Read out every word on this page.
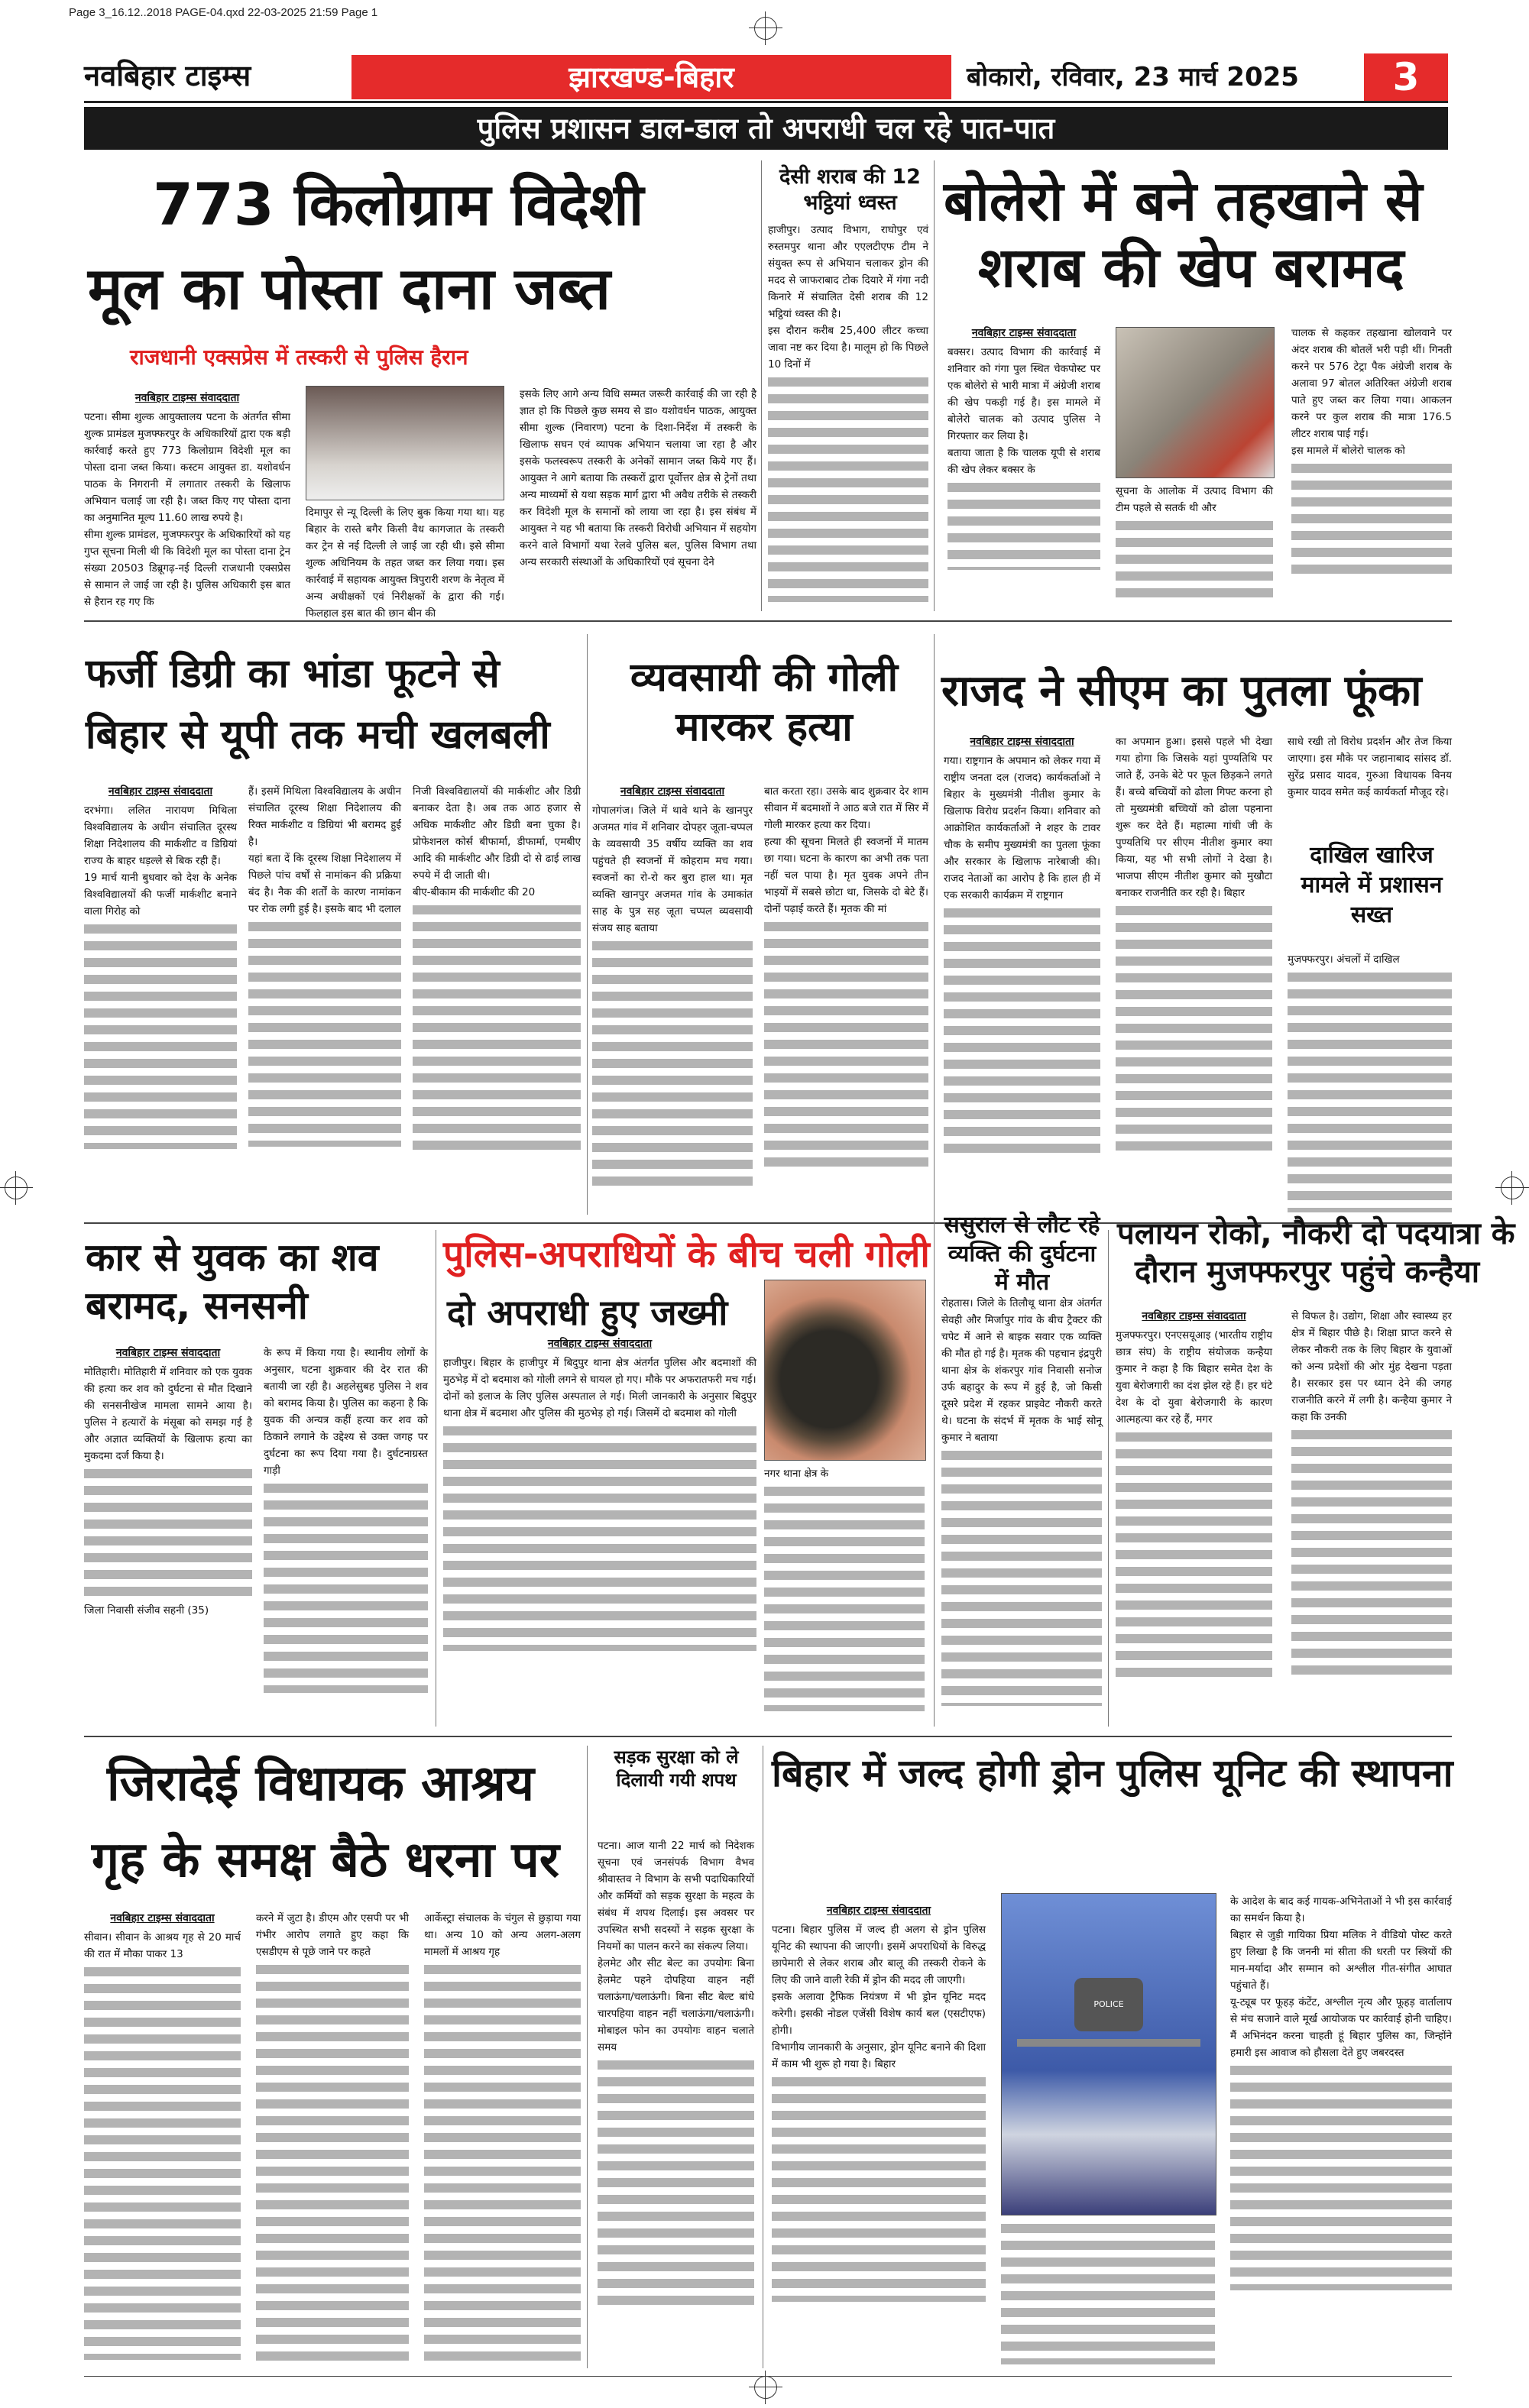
Page 3_16.12..2018 PAGE-04.qxd 22-03-2025 21:59 Page 1
नवबिहार टाइम्स	झारखण्ड-बिहार	बोकारो, रविवार, 23 मार्च 2025	3
पुलिस प्रशासन डाल-डाल तो अपराधी चल रहे पात-पात
773 किलोग्राम विदेशी
मूल का पोस्ता दाना जब्त
राजधानी एक्सप्रेस में तस्करी से पुलिस हैरान
नवबिहार टाइम्स संवाददाता

पटना। सीमा शुल्क आयुक्तालय पटना के अंतर्गत सीमा शुल्क प्रामंडल मुजफ्फरपुर के अधिकारियों द्वारा एक बड़ी कार्रवाई करते हुए 773 किलोग्राम विदेशी मूल का पोस्ता दाना जब्त किया। कस्टम आयुक्त डा. यशोवर्धन पाठक के निगरानी में लगातार तस्करी के खिलाफ अभियान चलाई जा रही है। जब्त किए गए पोस्ता दाना का अनुमानित मूल्य 11.60 लाख रुपये है।

सीमा शुल्क प्रामंडल, मुजफ्फरपुर के अधिकारियों को यह गुप्त सूचना मिली थी कि विदेशी मूल का पोस्ता दाना ट्रेन संख्या 20503 डिब्रूगढ़-नई दिल्ली राजधानी एक्सप्रेस से सामान ले जाई जा रही है। पुलिस अधिकारी इस बात से हैरान रह गए कि

दिमापुर से न्यू दिल्ली के लिए बुक किया गया था। यह बिहार के रास्ते बगैर किसी वैध कागजात के तस्करी कर ट्रेन से नई दिल्ली ले जाई जा रही थी। इसे सीमा शुल्क अधिनियम के तहत जब्त कर लिया गया। इस कार्रवाई में सहायक आयुक्त त्रिपुरारी शरण के नेतृत्व में अन्य अधीक्षकों एवं निरीक्षकों के द्वारा की गई। फिलहाल इस बात की छान बीन की

इसके लिए आगे अन्य विधि सम्मत जरूरी कार्रवाई की जा रही है ज्ञात हो कि पिछले कुछ समय से डा० यशोवर्धन पाठक, आयुक्त सीमा शुल्क (निवारण) पटना के दिशा-निर्देश में तस्करी के खिलाफ सघन एवं व्यापक अभियान चलाया जा रहा है और इसके फलस्वरूप तस्करी के अनेकों सामान जब्त किये गए हैं। आयुक्त ने आगे बताया कि तस्करों द्वारा पूर्वोत्तर क्षेत्र से ट्रेनों तथा अन्य माध्यमों से यथा सड़क मार्ग द्वारा भी अवैध तरीके से तस्करी कर विदेशी मूल के समानों को लाया जा रहा है। इस संबंध में आयुक्त ने यह भी बताया कि तस्करी विरोधी अभियान में सहयोग करने वाले विभागों यथा रेलवे पुलिस बल, पुलिस विभाग तथा अन्य सरकारी संस्थाओं के अधिकारियों एवं सूचना देने

देसी शराब की 12 भट्ठियां ध्वस्त

हाजीपुर। उत्पाद विभाग, राघोपुर एवं रुस्तमपुर थाना और एएलटीएफ टीम ने संयुक्त रूप से अभियान चलाकर ड्रोन की मदद से जाफराबाद टोक दियारे में गंगा नदी किनारे में संचालित देसी शराब की 12 भट्ठियां ध्वस्त की है।

इस दौरान करीब 25,400 लीटर कच्चा जावा नष्ट कर दिया है। मालूम हो कि पिछले 10 दिनों में

बोलेरो में बने तहखाने से
शराब की खेप बरामद
नवबिहार टाइम्स संवाददाता

बक्सर। उत्पाद विभाग की कार्रवाई में शनिवार को गंगा पुल स्थित चेकपोस्ट पर एक बोलेरो से भारी मात्रा में अंग्रेजी शराब की खेप पकड़ी गई है। इस मामले में बोलेरो चालक को उत्पाद पुलिस ने गिरफ्तार कर लिया है।

बताया जाता है कि चालक यूपी से शराब की खेप लेकर बक्सर के

सूचना के आलोक में उत्पाद विभाग की टीम पहले से सतर्क थी और

चालक से कहकर तहखाना खोलवाने पर अंदर शराब की बोतलें भरी पड़ी थीं। गिनती करने पर 576 टेट्रा पैक अंग्रेजी शराब के अलावा 97 बोतल अतिरिक्त अंग्रेजी शराब पाते हुए जब्त कर लिया गया। आकलन करने पर कुल शराब की मात्रा 176.5 लीटर शराब पाई गई।

इस मामले में बोलेरो चालक को

फर्जी डिग्री का भांडा फूटने से
बिहार से यूपी तक मची खलबली
नवबिहार टाइम्स संवाददाता

दरभंगा। ललित नारायण मिथिला विश्वविद्यालय के अधीन संचालित दूरस्थ शिक्षा निदेशालय की मार्कशीट व डिग्रियां राज्य के बाहर धड़ल्ले से बिक रही हैं।

19 मार्च यानी बुधवार को देश के अनेक विश्वविद्यालयों की फर्जी मार्कशीट बनाने वाला गिरोह को

हैं। इसमें मिथिला विश्वविद्यालय के अधीन संचालित दूरस्थ शिक्षा निदेशालय की रिक्त मार्कशीट व डिग्रियां भी बरामद हुई है।

यहां बता दें कि दूरस्थ शिक्षा निदेशालय में पिछले पांच वर्षों से नामांकन की प्रक्रिया बंद है। नैक की शर्तों के कारण नामांकन पर रोक लगी हुई है। इसके बाद भी दलाल

निजी विश्वविद्यालयों की मार्कशीट और डिग्री बनाकर देता है। अब तक आठ हजार से अधिक मार्कशीट और डिग्री बना चुका है। प्रोफेशनल कोर्स बीफार्मा, डीफार्मा, एमबीए आदि की मार्कशीट और डिग्री दो से ढाई लाख रुपये में दी जाती थी।

बीए-बीकाम की मार्कशीट की 20

व्यवसायी की गोली मारकर हत्या
नवबिहार टाइम्स संवाददाता

गोपालगंज। जिले में थावे थाने के खानपुर अजमत गांव में शनिवार दोपहर जूता-चप्पल के व्यवसायी 35 वर्षीय व्यक्ति का शव पहुंचते ही स्वजनों में कोहराम मच गया। स्वजनों का रो-रो कर बुरा हाल था। मृत व्यक्ति खानपुर अजमत गांव के उमाकांत साह के पुत्र सह जूता चप्पल व्यवसायी संजय साह बताया

बात करता रहा। उसके बाद शुक्रवार देर शाम सीवान में बदमाशों ने आठ बजे रात में सिर में गोली मारकर हत्या कर दिया।

हत्या की सूचना मिलते ही स्वजनों में मातम छा गया। घटना के कारण का अभी तक पता नहीं चल पाया है। मृत युवक अपने तीन भाइयों में सबसे छोटा था, जिसके दो बेटे हैं। दोनों पढ़ाई करते हैं। मृतक की मां

राजद ने सीएम का पुतला फूंका
नवबिहार टाइम्स संवाददाता

गया। राष्ट्रगान के अपमान को लेकर गया में राष्ट्रीय जनता दल (राजद) कार्यकर्ताओं ने बिहार के मुख्यमंत्री नीतीश कुमार के खिलाफ विरोध प्रदर्शन किया। शनिवार को आक्रोशित कार्यकर्ताओं ने शहर के टावर चौक के समीप मुख्यमंत्री का पुतला फूंका और सरकार के खिलाफ नारेबाजी की। राजद नेताओं का आरोप है कि हाल ही में एक सरकारी कार्यक्रम में राष्ट्रगान

का अपमान हुआ। इससे पहले भी देखा गया होगा कि जिसके यहां पुण्यतिथि पर जाते हैं, उनके बेटे पर फूल छिड़कने लगते हैं। बच्चे बच्चियों को ढोला गिफ्ट करना हो तो मुख्यमंत्री बच्चियों को ढोला पहनाना शुरू कर देते हैं। महात्मा गांधी जी के पुण्यतिथि पर सीएम नीतीश कुमार क्या किया, यह भी सभी लोगों ने देखा है। भाजपा सीएम नीतीश कुमार को मुखौटा बनाकर राजनीति कर रही है। बिहार

साधे रखी तो विरोध प्रदर्शन और तेज किया जाएगा। इस मौके पर जहानाबाद सांसद डॉ. सुरेंद्र प्रसाद यादव, गुरुआ विधायक विनय कुमार यादव समेत कई कार्यकर्ता मौजूद रहे।

दाखिल खारिज मामले में प्रशासन सख्त

मुजफ्फरपुर। अंचलों में दाखिल

कार से युवक का शव बरामद, सनसनी
नवबिहार टाइम्स संवाददाता

मोतिहारी। मोतिहारी में शनिवार को एक युवक की हत्या कर शव को दुर्घटना से मौत दिखाने की सनसनीखेज मामला सामने आया है। पुलिस ने हत्यारों के मंसूबा को समझ गई है और अज्ञात व्यक्तियों के खिलाफ हत्या का मुकदमा दर्ज किया है।

जिला निवासी संजीव सहनी (35)

के रूप में किया गया है। स्थानीय लोगों के अनुसार, घटना शुक्रवार की देर रात की बतायी जा रही है। अहलेसुबह पुलिस ने शव को बरामद किया है। पुलिस का कहना है कि युवक की अन्यत्र कहीं हत्या कर शव को ठिकाने लगाने के उद्देश्य से उक्त जगह पर दुर्घटना का रूप दिया गया है। दुर्घटनाग्रस्त गाड़ी

पुलिस-अपराधियों के बीच चली गोली
दो अपराधी हुए जख्मी
नवबिहार टाइम्स संवाददाता

हाजीपुर। बिहार के हाजीपुर में बिदुपुर थाना क्षेत्र अंतर्गत पुलिस और बदमाशों की मुठभेड़ में दो बदमाश को गोली लगने से घायल हो गए। मौके पर अफरातफरी मच गई।

दोनों को इलाज के लिए पुलिस अस्पताल ले गई। मिली जानकारी के अनुसार बिदुपुर थाना क्षेत्र में बदमाश और पुलिस की मुठभेड़ हो गई। जिसमें दो बदमाश को गोली

नगर थाना क्षेत्र के

ससुराल से लौट रहे व्यक्ति की दुर्घटना में मौत

रोहतास। जिले के तिलौथू थाना क्षेत्र अंतर्गत सेवही और मिर्जापुर गांव के बीच ट्रैक्टर की चपेट में आने से बाइक सवार एक व्यक्ति की मौत हो गई है। मृतक की पहचान इंद्रपुरी थाना क्षेत्र के शंकरपुर गांव निवासी सनोज उर्फ बहादुर के रूप में हुई है, जो किसी दूसरे प्रदेश में रहकर प्राइवेट नौकरी करते थे। घटना के संदर्भ में मृतक के भाई सोनू कुमार ने बताया

पलायन रोको, नौकरी दो पदयात्रा के
दौरान मुजफ्फरपुर पहुंचे कन्हैया
नवबिहार टाइम्स संवाददाता

मुजफ्फरपुर। एनएसयूआइ (भारतीय राष्ट्रीय छात्र संघ) के राष्ट्रीय संयोजक कन्हैया कुमार ने कहा है कि बिहार समेत देश के युवा बेरोजगारी का दंश झेल रहे हैं। हर घंटे देश के दो युवा बेरोजगारी के कारण आत्महत्या कर रहे हैं, मगर

से विफल है। उद्योग, शिक्षा और स्वास्थ्य हर क्षेत्र में बिहार पीछे है। शिक्षा प्राप्त करने से लेकर नौकरी तक के लिए बिहार के युवाओं को अन्य प्रदेशों की ओर मुंह देखना पड़ता है। सरकार इस पर ध्यान देने की जगह राजनीति करने में लगी है। कन्हैया कुमार ने कहा कि उनकी

जिरादेई विधायक आश्रय
गृह के समक्ष बैठे धरना पर
नवबिहार टाइम्स संवाददाता

सीवान। सीवान के आश्रय गृह से 20 मार्च की रात में मौका पाकर 13

करने में जुटा है। डीएम और एसपी पर भी गंभीर आरोप लगाते हुए कहा कि एसडीएम से पूछे जाने पर कहते

आर्केस्ट्रा संचालक के चंगुल से छुड़ाया गया था। अन्य 10 को अन्य अलग-अलग मामलों में आश्रय गृह

सड़क सुरक्षा को ले दिलायी गयी शपथ

पटना। आज यानी 22 मार्च को निदेशक सूचना एवं जनसंपर्क विभाग वैभव श्रीवास्तव ने विभाग के सभी पदाधिकारियों और कर्मियों को सड़क सुरक्षा के महत्व के संबंध में शपथ दिलाई। इस अवसर पर उपस्थित सभी सदस्यों ने सड़क सुरक्षा के नियमों का पालन करने का संकल्प लिया।

हेलमेट और सीट बेल्ट का उपयोगः बिना हेलमेट पहने दोपहिया वाहन नहीं चलाऊंगा/चलाऊंगी। बिना सीट बेल्ट बांधे चारपहिया वाहन नहीं चलाऊंगा/चलाऊंगी। मोबाइल फोन का उपयोगः वाहन चलाते समय

बिहार में जल्द होगी ड्रोन पुलिस यूनिट की स्थापना
नवबिहार टाइम्स संवाददाता

पटना। बिहार पुलिस में जल्द ही अलग से ड्रोन पुलिस यूनिट की स्थापना की जाएगी। इसमें अपराधियों के विरुद्ध छापेमारी से लेकर शराब और बालू की तस्करी रोकने के लिए की जाने वाली रेकी में ड्रोन की मदद ली जाएगी।

इसके अलावा ट्रैफिक नियंत्रण में भी ड्रोन यूनिट मदद करेगी। इसकी नोडल एजेंसी विशेष कार्य बल (एसटीएफ) होगी।

विभागीय जानकारी के अनुसार, ड्रोन यूनिट बनाने की दिशा में काम भी शुरू हो गया है। बिहार

POLICE

के आदेश के बाद कई गायक-अभिनेताओं ने भी इस कार्रवाई का समर्थन किया है।

बिहार से जुड़ी गायिका प्रिया मलिक ने वीडियो पोस्ट करते हुए लिखा है कि जननी मां सीता की धरती पर स्त्रियों की मान-मर्यादा और सम्मान को अश्लील गीत-संगीत आघात पहुंचाते हैं।

यू-ट्यूब पर फूहड़ कंटेंट, अश्लील नृत्य और फूहड़ वार्तालाप से मंच सजाने वाले मूर्ख आयोजक पर कार्रवाई होनी चाहिए। मैं अभिनंदन करना चाहती हूं बिहार पुलिस का, जिन्होंने हमारी इस आवाज को हौसला देते हुए जबरदस्त
